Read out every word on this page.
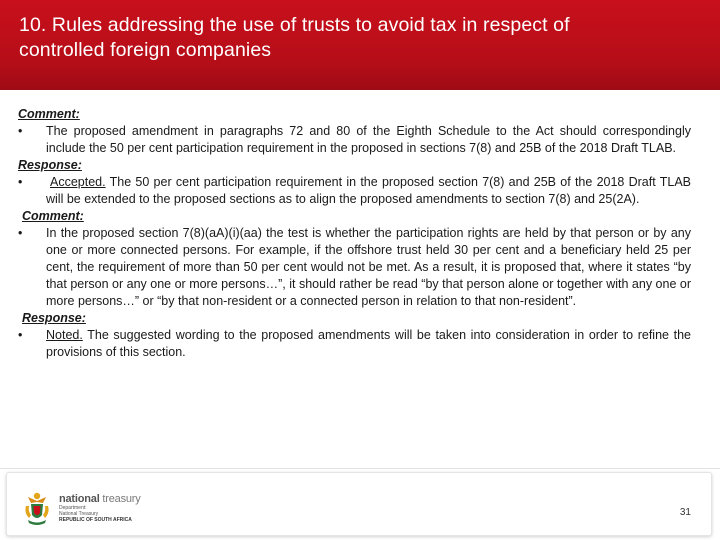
10. Rules addressing the use of trusts to avoid tax in respect of controlled foreign companies

Comment:

•	The proposed amendment in paragraphs 72 and 80 of the Eighth Schedule to the Act should correspondingly include the 50 per cent participation requirement in the proposed in sections 7(8) and 25B of the 2018 Draft TLAB.

Response:

•	Accepted. The 50 per cent participation requirement in the proposed section 7(8) and 25B of the 2018 Draft TLAB will be extended to the proposed sections as to align the proposed amendments to section 7(8) and 25(2A).

Comment:

•	In the proposed section 7(8)(aA)(i)(aa) the test is whether the participation rights are held by that person or by any one or more connected persons. For example, if the offshore trust held 30 per cent and a beneficiary held 25 per cent, the requirement of more than 50 per cent would not be met. As a result, it is proposed that, where it states “by that person or any one or more persons…”, it should rather be read “by that person alone or together with any one or more persons…” or “by that non-resident or a connected person in relation to that non-resident”.

Response:

•	Noted. The suggested wording to the proposed amendments will be taken into consideration in order to refine the provisions of this section.

national treasury
Department:
National Treasury
REPUBLIC OF SOUTH AFRICA
31
